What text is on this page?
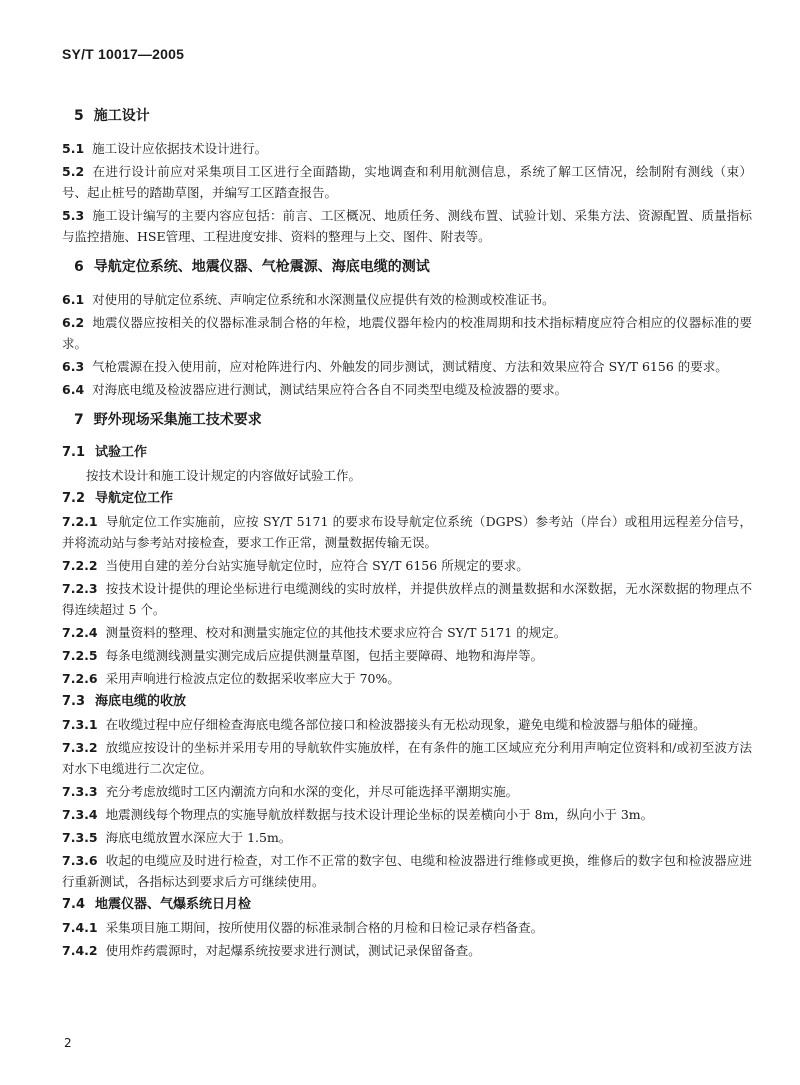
SY/T 10017—2005
5 施工设计
5.1 施工设计应依据技术设计进行。
5.2 在进行设计前应对采集项目工区进行全面踏勘，实地调查和利用航测信息，系统了解工区情况，绘制附有测线（束）号、起止桩号的踏勘草图，并编写工区踏查报告。
5.3 施工设计编写的主要内容应包括：前言、工区概况、地质任务、测线布置、试验计划、采集方法、资源配置、质量指标与监控措施、HSE管理、工程进度安排、资料的整理与上交、图件、附表等。
6 导航定位系统、地震仪器、气枪震源、海底电缆的测试
6.1 对使用的导航定位系统、声响定位系统和水深测量仪应提供有效的检测或校准证书。
6.2 地震仪器应按相关的仪器标准录制合格的年检，地震仪器年检内的校准周期和技术指标精度应符合相应的仪器标准的要求。
6.3 气枪震源在投入使用前，应对枪阵进行内、外触发的同步测试，测试精度、方法和效果应符合 SY/T 6156 的要求。
6.4 对海底电缆及检波器应进行测试，测试结果应符合各自不同类型电缆及检波器的要求。
7 野外现场采集施工技术要求
7.1 试验工作
按技术设计和施工设计规定的内容做好试验工作。
7.2 导航定位工作
7.2.1 导航定位工作实施前，应按 SY/T 5171 的要求布设导航定位系统（DGPS）参考站（岸台）或租用远程差分信号，并将流动站与参考站对接检查，要求工作正常，测量数据传输无误。
7.2.2 当使用自建的差分台站实施导航定位时，应符合 SY/T 6156 所规定的要求。
7.2.3 按技术设计提供的理论坐标进行电缆测线的实时放样，并提供放样点的测量数据和水深数据，无水深数据的物理点不得连续超过 5 个。
7.2.4 测量资料的整理、校对和测量实施定位的其他技术要求应符合 SY/T 5171 的规定。
7.2.5 每条电缆测线测量实测完成后应提供测量草图，包括主要障碍、地物和海岸等。
7.2.6 采用声响进行检波点定位的数据采收率应大于 70%。
7.3 海底电缆的收放
7.3.1 在收缆过程中应仔细检查海底电缆各部位接口和检波器接头有无松动现象，避免电缆和检波器与船体的碰撞。
7.3.2 放缆应按设计的坐标并采用专用的导航软件实施放样，在有条件的施工区域应充分利用声响定位资料和/或初至波方法对水下电缆进行二次定位。
7.3.3 充分考虑放缆时工区内潮流方向和水深的变化，并尽可能选择平潮期实施。
7.3.4 地震测线每个物理点的实施导航放样数据与技术设计理论坐标的误差横向小于 8m，纵向小于 3m。
7.3.5 海底电缆放置水深应大于 1.5m。
7.3.6 收起的电缆应及时进行检查，对工作不正常的数字包、电缆和检波器进行维修或更换，维修后的数字包和检波器应进行重新测试，各指标达到要求后方可继续使用。
7.4 地震仪器、气爆系统日月检
7.4.1 采集项目施工期间，按所使用仪器的标准录制合格的月检和日检记录存档备查。
7.4.2 使用炸药震源时，对起爆系统按要求进行测试，测试记录保留备查。
2
